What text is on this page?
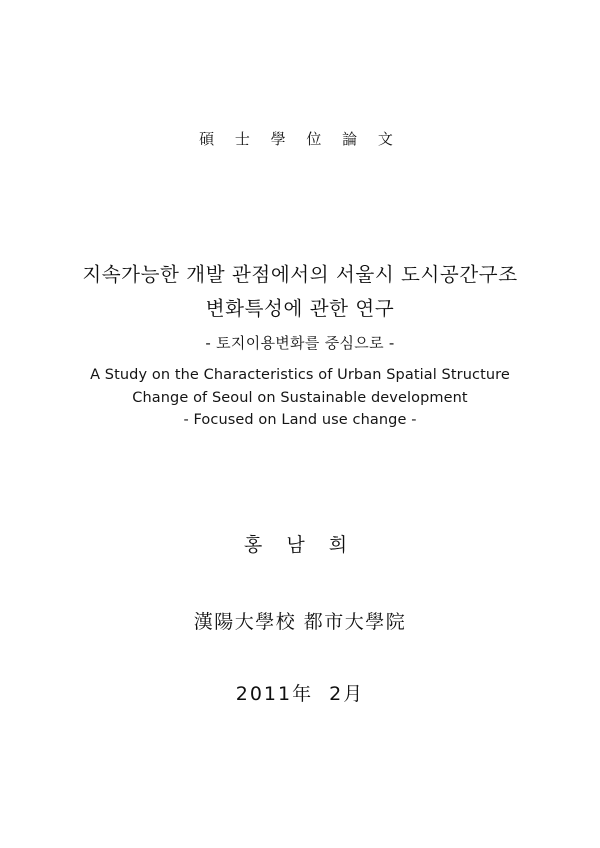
碩 士 學 位 論 文
지속가능한 개발 관점에서의 서울시 도시공간구조
변화특성에 관한 연구
- 토지이용변화를 중심으로 -
A Study on the Characteristics of Urban Spatial Structure
Change of Seoul on Sustainable development
- Focused on Land use change -
홍 남 희
漢陽大學校 都市大學院
2011年  2月
